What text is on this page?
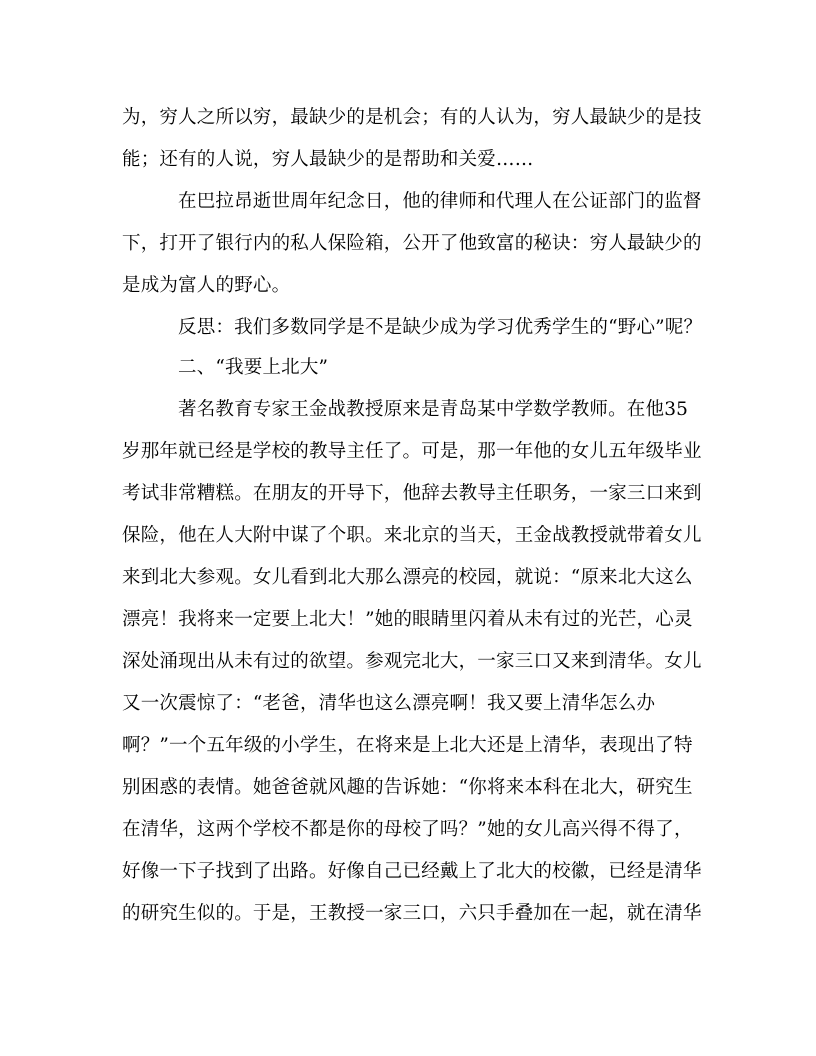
为，穷人之所以穷，最缺少的是机会；有的人认为，穷人最缺少的是技
能；还有的人说，穷人最缺少的是帮助和关爱……
在巴拉昂逝世周年纪念日，他的律师和代理人在公证部门的监督
下，打开了银行内的私人保险箱，公开了他致富的秘诀：穷人最缺少的
是成为富人的野心。
反思：我们多数同学是不是缺少成为学习优秀学生的“野心”呢？
二、“我要上北大”
著名教育专家王金战教授原来是青岛某中学数学教师。在他35
岁那年就已经是学校的教导主任了。可是，那一年他的女儿五年级毕业
考试非常糟糕。在朋友的开导下，他辞去教导主任职务，一家三口来到
保险，他在人大附中谋了个职。来北京的当天，王金战教授就带着女儿
来到北大参观。女儿看到北大那么漂亮的校园，就说：“原来北大这么
漂亮！我将来一定要上北大！”她的眼睛里闪着从未有过的光芒，心灵
深处涌现出从未有过的欲望。参观完北大，一家三口又来到清华。女儿
又一次震惊了：“老爸，清华也这么漂亮啊！我又要上清华怎么办
啊？”一个五年级的小学生，在将来是上北大还是上清华，表现出了特
别困惑的表情。她爸爸就风趣的告诉她：“你将来本科在北大，研究生
在清华，这两个学校不都是你的母校了吗？”她的女儿高兴得不得了，
好像一下子找到了出路。好像自己已经戴上了北大的校徽，已经是清华
的研究生似的。于是，王教授一家三口，六只手叠加在一起，就在清华
